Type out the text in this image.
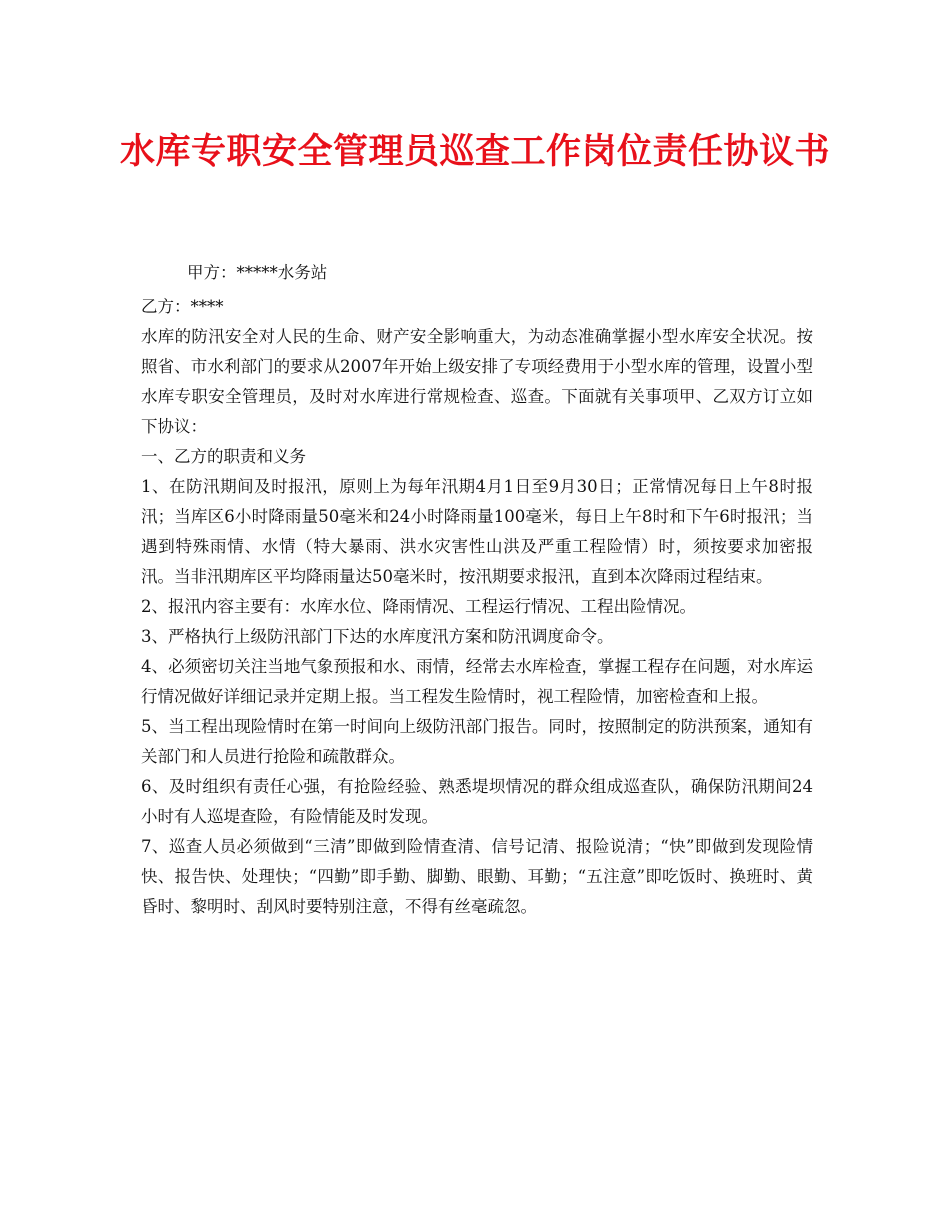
水库专职安全管理员巡查工作岗位责任协议书

甲方：*****水务站

乙方：****

水库的防汛安全对人民的生命、财产安全影响重大，为动态准确掌握小型水库安全状况。按照省、市水利部门的要求从2007年开始上级安排了专项经费用于小型水库的管理，设置小型水库专职安全管理员，及时对水库进行常规检查、巡查。下面就有关事项甲、乙双方订立如下协议：

一、乙方的职责和义务

1、在防汛期间及时报汛，原则上为每年汛期4月1日至9月30日；正常情况每日上午8时报汛；当库区6小时降雨量50毫米和24小时降雨量100毫米，每日上午8时和下午6时报汛；当遇到特殊雨情、水情（特大暴雨、洪水灾害性山洪及严重工程险情）时，须按要求加密报汛。当非汛期库区平均降雨量达50毫米时，按汛期要求报汛，直到本次降雨过程结束。

2、报汛内容主要有：水库水位、降雨情况、工程运行情况、工程出险情况。

3、严格执行上级防汛部门下达的水库度汛方案和防汛调度命令。

4、必须密切关注当地气象预报和水、雨情，经常去水库检查，掌握工程存在问题，对水库运行情况做好详细记录并定期上报。当工程发生险情时，视工程险情，加密检查和上报。

5、当工程出现险情时在第一时间向上级防汛部门报告。同时，按照制定的防洪预案，通知有关部门和人员进行抢险和疏散群众。

6、及时组织有责任心强，有抢险经验、熟悉堤坝情况的群众组成巡查队，确保防汛期间24小时有人巡堤查险，有险情能及时发现。

7、巡查人员必须做到“三清”即做到险情查清、信号记清、报险说清；“快”即做到发现险情快、报告快、处理快；“四勤”即手勤、脚勤、眼勤、耳勤；“五注意”即吃饭时、换班时、黄昏时、黎明时、刮风时要特别注意，不得有丝毫疏忽。
